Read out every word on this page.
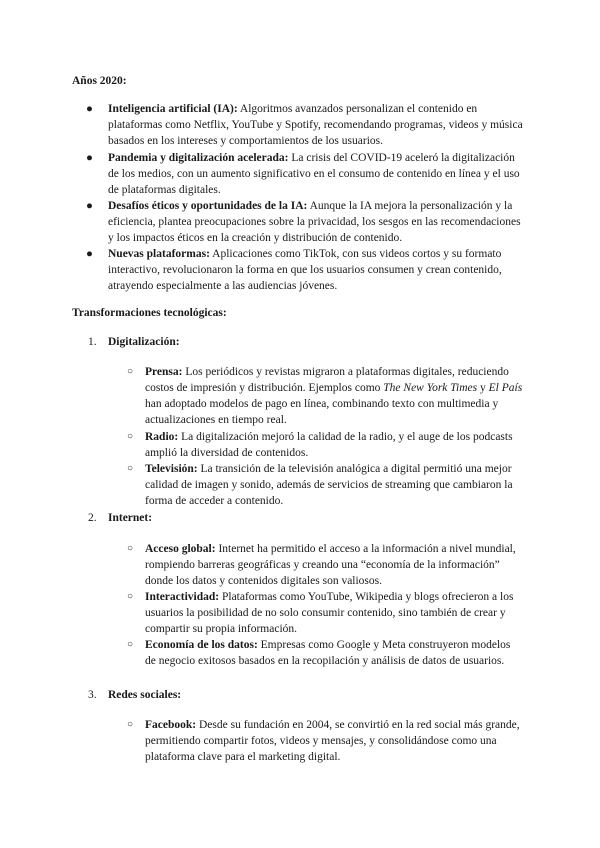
Años 2020:
● Inteligencia artificial (IA): Algoritmos avanzados personalizan el contenido en plataformas como Netflix, YouTube y Spotify, recomendando programas, videos y música basados en los intereses y comportamientos de los usuarios.
● Pandemia y digitalización acelerada: La crisis del COVID-19 aceleró la digitalización de los medios, con un aumento significativo en el consumo de contenido en línea y el uso de plataformas digitales.
● Desafíos éticos y oportunidades de la IA: Aunque la IA mejora la personalización y la eficiencia, plantea preocupaciones sobre la privacidad, los sesgos en las recomendaciones y los impactos éticos en la creación y distribución de contenido.
● Nuevas plataformas: Aplicaciones como TikTok, con sus videos cortos y su formato interactivo, revolucionaron la forma en que los usuarios consumen y crean contenido, atrayendo especialmente a las audiencias jóvenes.
Transformaciones tecnológicas:
1. Digitalización:
○ Prensa: Los periódicos y revistas migraron a plataformas digitales, reduciendo costos de impresión y distribución. Ejemplos como The New York Times y El País han adoptado modelos de pago en línea, combinando texto con multimedia y actualizaciones en tiempo real.
○ Radio: La digitalización mejoró la calidad de la radio, y el auge de los podcasts amplió la diversidad de contenidos.
○ Televisión: La transición de la televisión analógica a digital permitió una mejor calidad de imagen y sonido, además de servicios de streaming que cambiaron la forma de acceder a contenido.
2. Internet:
○ Acceso global: Internet ha permitido el acceso a la información a nivel mundial, rompiendo barreras geográficas y creando una “economía de la información” donde los datos y contenidos digitales son valiosos.
○ Interactividad: Plataformas como YouTube, Wikipedia y blogs ofrecieron a los usuarios la posibilidad de no solo consumir contenido, sino también de crear y compartir su propia información.
○ Economía de los datos: Empresas como Google y Meta construyeron modelos de negocio exitosos basados en la recopilación y análisis de datos de usuarios.
3. Redes sociales:
○ Facebook: Desde su fundación en 2004, se convirtió en la red social más grande, permitiendo compartir fotos, videos y mensajes, y consolidándose como una plataforma clave para el marketing digital.
